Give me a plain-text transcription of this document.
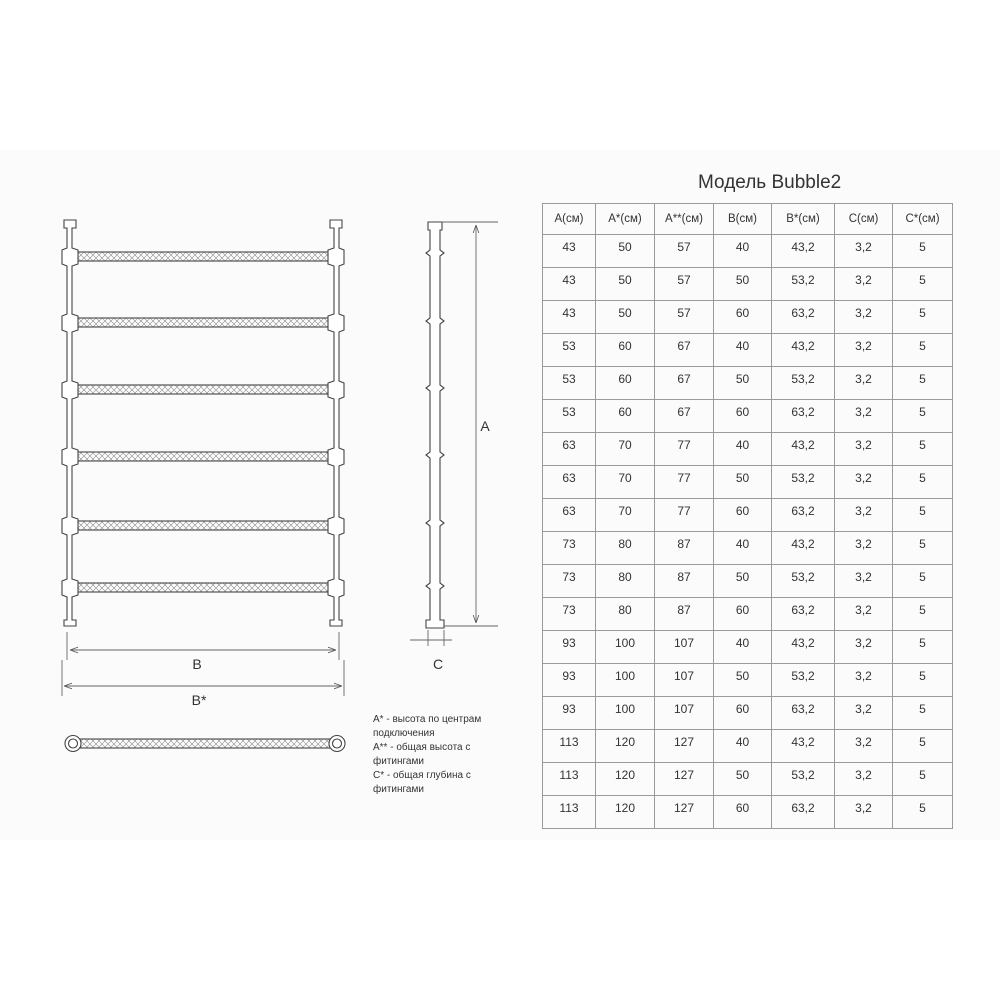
A
B
B*
C
A* - высота по центрам
подключения
A** - общая высота с
фитингами
C* - общая глубина с
фитингами
Модель Bubble2
A(см)	A*(см)	A**(см)	B(см)	B*(см)	C(см)	C*(см)

43	50	57	40	43,2	3,2	5

43	50	57	50	53,2	3,2	5

43	50	57	60	63,2	3,2	5

53	60	67	40	43,2	3,2	5

53	60	67	50	53,2	3,2	5

53	60	67	60	63,2	3,2	5

63	70	77	40	43,2	3,2	5

63	70	77	50	53,2	3,2	5

63	70	77	60	63,2	3,2	5

73	80	87	40	43,2	3,2	5

73	80	87	50	53,2	3,2	5

73	80	87	60	63,2	3,2	5

93	100	107	40	43,2	3,2	5

93	100	107	50	53,2	3,2	5

93	100	107	60	63,2	3,2	5

113	120	127	40	43,2	3,2	5

113	120	127	50	53,2	3,2	5

113	120	127	60	63,2	3,2	5
